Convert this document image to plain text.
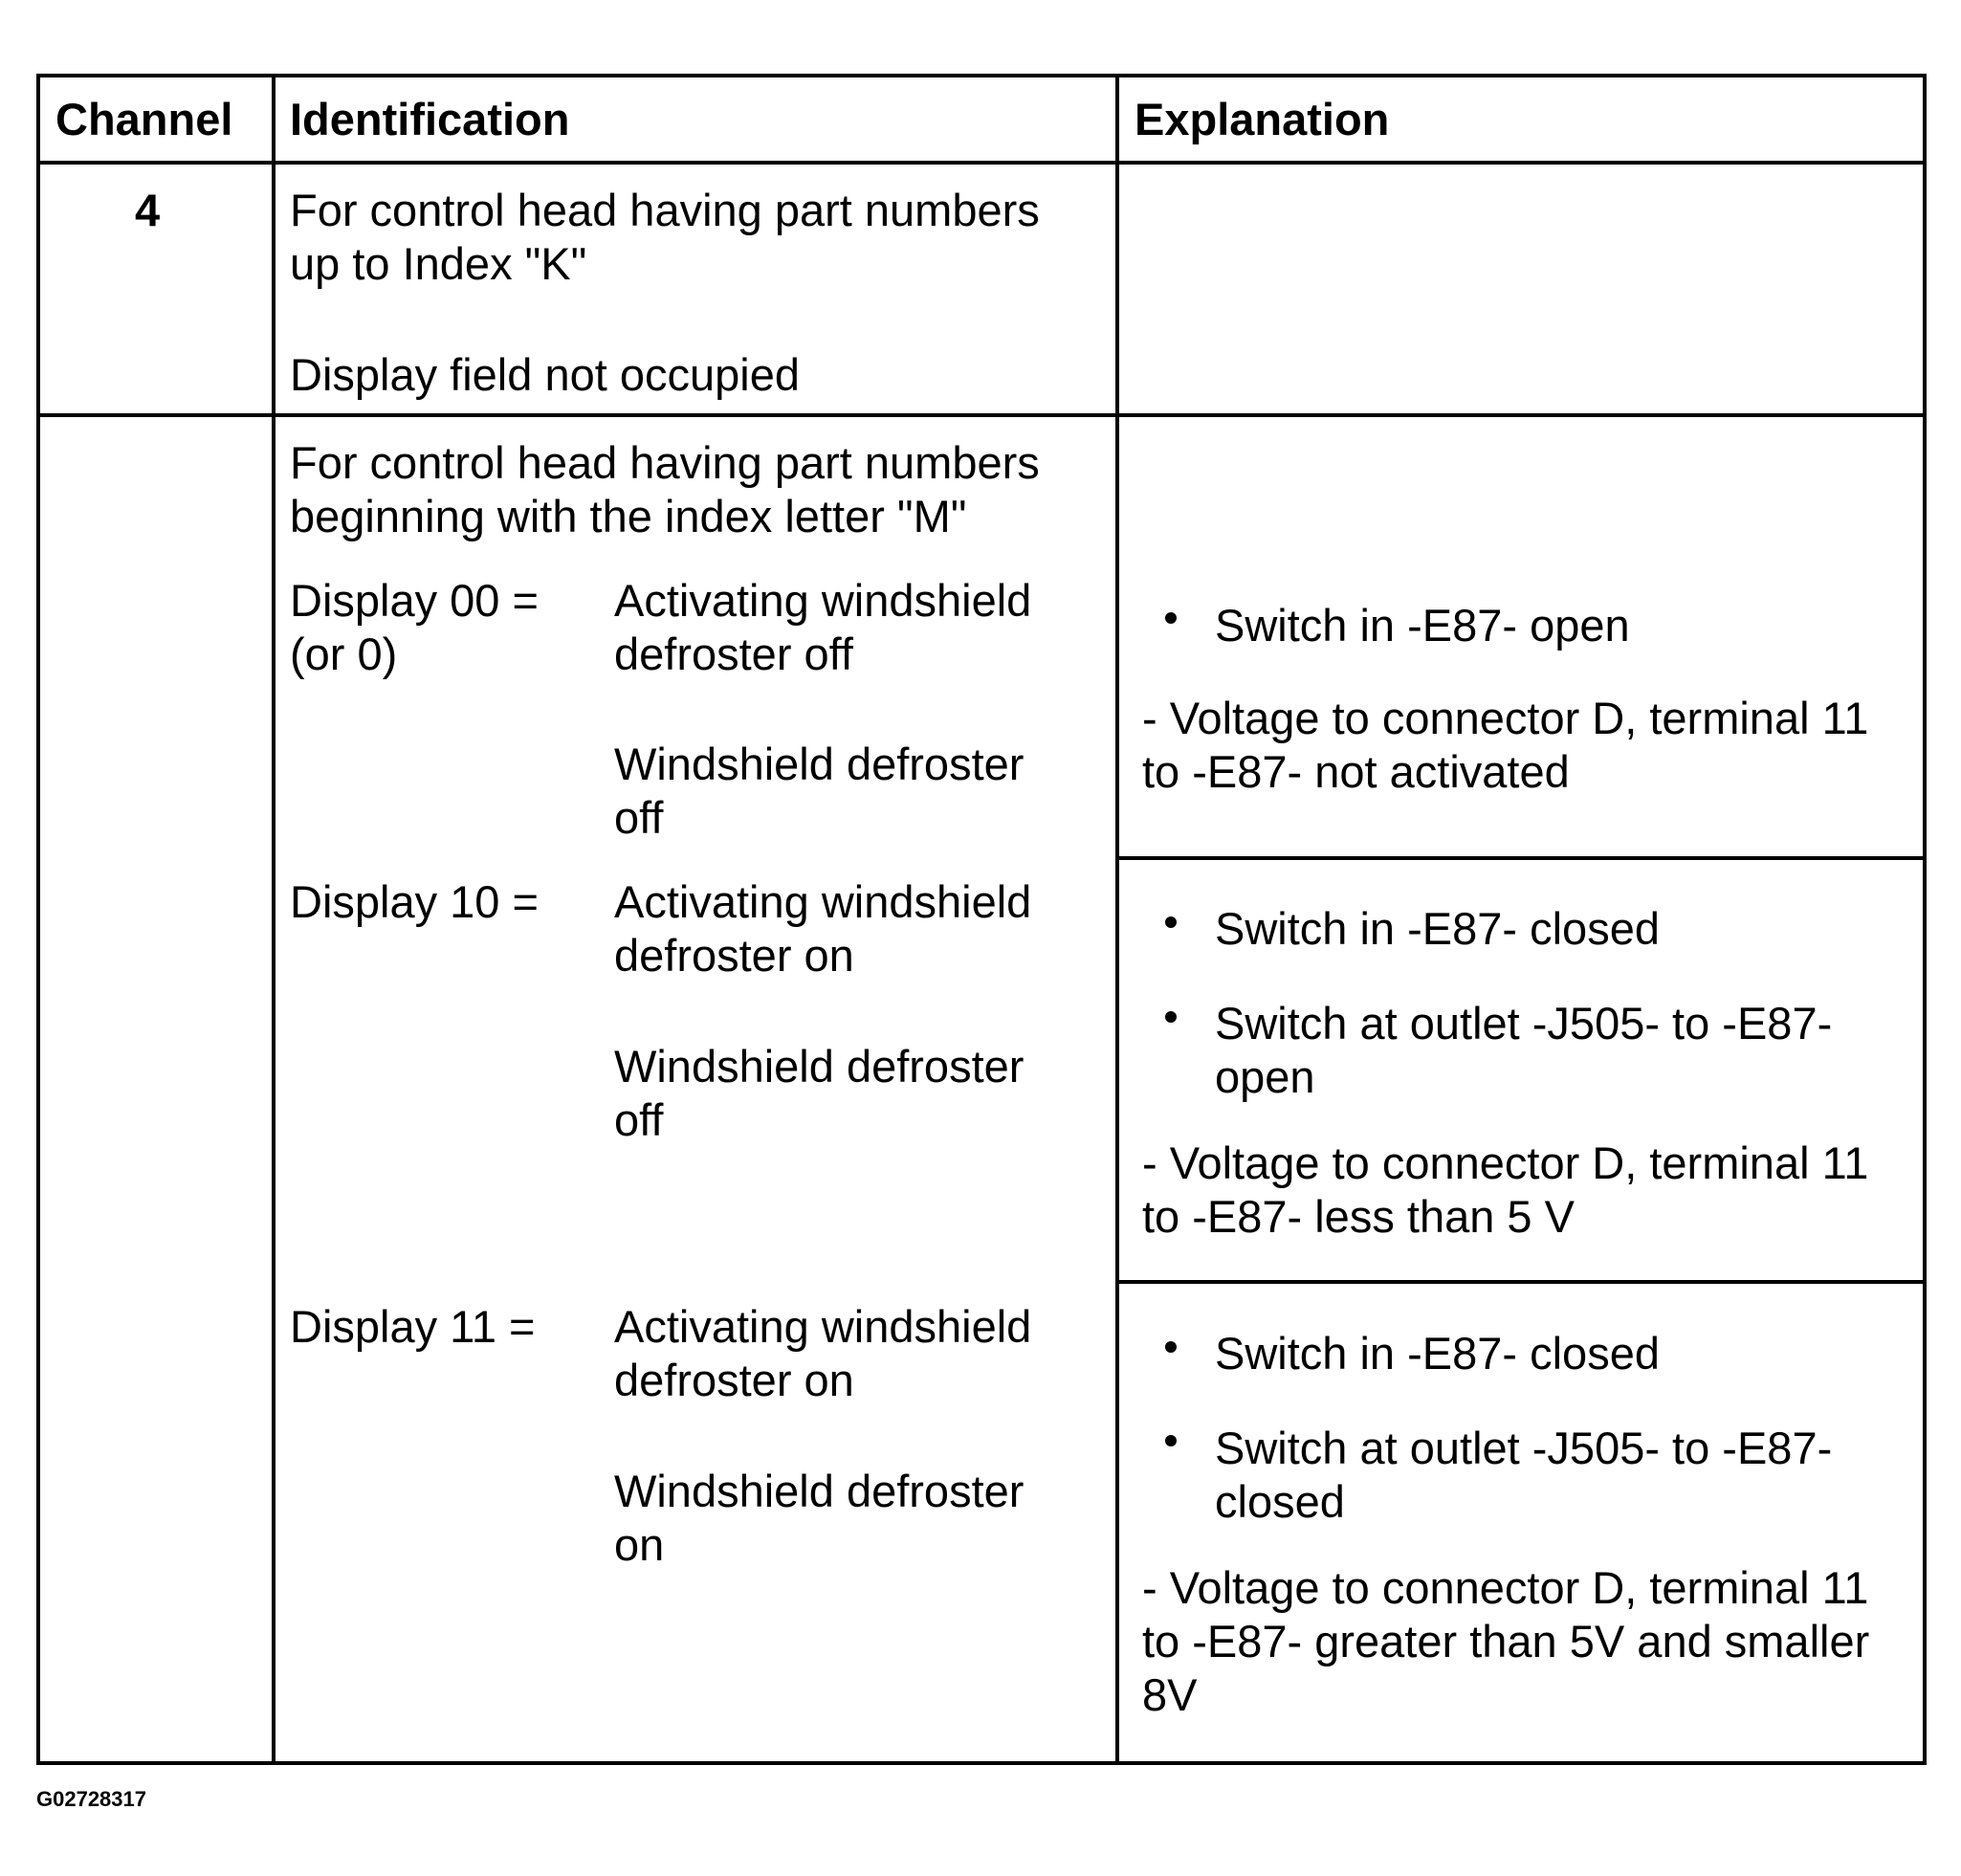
Channel Identification	Explanation
4	For control head having part numbers
up to Index "K"
Display field not occupied
For control head having part numbers
beginning with the index letter "M"
Display 00 =
(or 0)
Activating windshield
defroster off
Windshield defroster
off
Switch in -E87- open
- Voltage to connector D, terminal 11
to -E87- not activated
Display 10 = Activating windshield
defroster on
Windshield defroster
off
Switch in -E87- closed
Switch at outlet -J505- to -E87-
open
- Voltage to connector D, terminal 11
to -E87- less than 5 V
Display 11 = Activating windshield
defroster on
Windshield defroster
on
Switch in -E87- closed
Switch at outlet -J505- to -E87-
closed
- Voltage to connector D, terminal 11
to -E87- greater than 5V and smaller
8V
G02728317
